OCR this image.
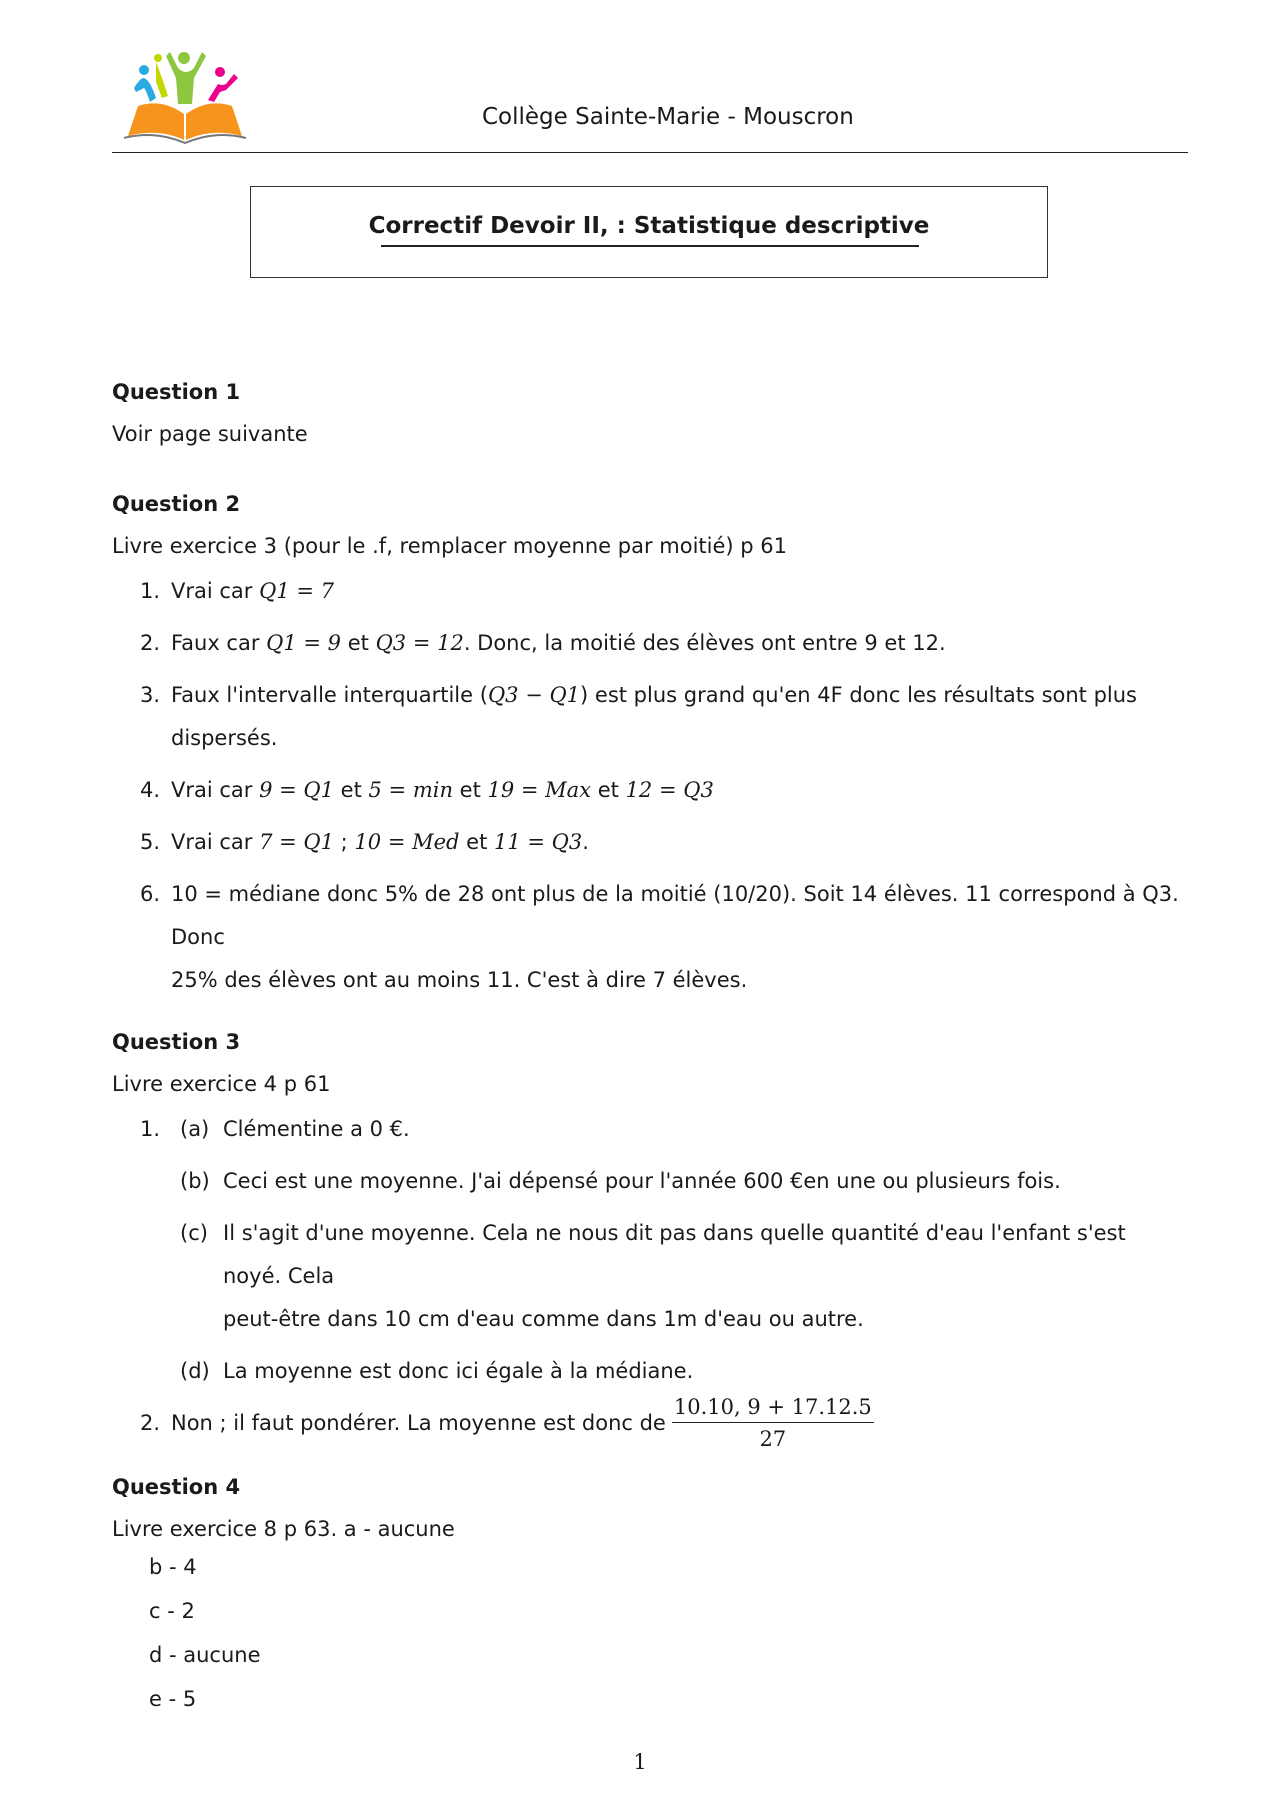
Collège Sainte-Marie - Mouscron
Correctif Devoir II, : Statistique descriptive

Question 1

Voir page suivante

Question 2

Livre exercice 3 (pour le .f, remplacer moyenne par moitié) p 61

1. Vrai car Q1 = 7
2. Faux car Q1 = 9 et Q3 = 12. Donc, la moitié des élèves ont entre 9 et 12.
3. Faux l'intervalle interquartile (Q3 − Q1) est plus grand qu'en 4F donc les résultats sont plus dispersés.
4. Vrai car 9 = Q1 et 5 = min et 19 = Max et 12 = Q3
5. Vrai car 7 = Q1 ; 10 = Med et 11 = Q3.
6. 10 = médiane donc 5% de 28 ont plus de la moitié (10/20). Soit 14 élèves. 11 correspond à Q3. Donc
25% des élèves ont au moins 11. C'est à dire 7 élèves.

Question 3

Livre exercice 4 p 61

1. (a) Clémentine a 0 €.
(b) Ceci est une moyenne. J'ai dépensé pour l'année 600 €en une ou plusieurs fois.
(c) Il s'agit d'une moyenne. Cela ne nous dit pas dans quelle quantité d'eau l'enfant s'est noyé. Cela
peut-être dans 10 cm d'eau comme dans 1m d'eau ou autre.
(d) La moyenne est donc ici égale à la médiane.
2. Non ; il faut pondérer. La moyenne est donc de $\frac{10.10, 9 + 17.12.5}{27}$

Question 4

Livre exercice 8 p 63. a - aucune

b - 4
c - 2
d - aucune
e - 5
1
